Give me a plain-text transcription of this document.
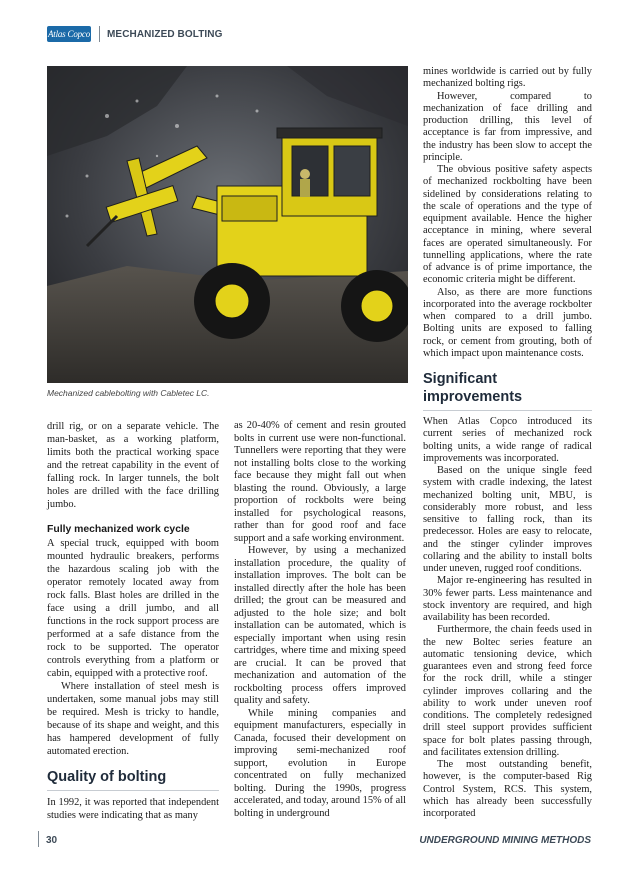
Atlas Copco MECHANIZED BOLTING
Mechanized cablebolting with Cabletec LC.

drill rig, or on a separate vehicle. The man-basket, as a working platform, limits both the practical working space and the retreat capability in the event of falling rock. In larger tunnels, the bolt holes are drilled with the face drilling jumbo.

Fully mechanized work cycle

A special truck, equipped with boom mounted hydraulic breakers, performs the hazardous scaling job with the operator remotely located away from rock falls. Blast holes are drilled in the face using a drill jumbo, and all functions in the rock support process are performed at a safe distance from the rock to be supported. The operator controls everything from a platform or cabin, equipped with a protective roof.

Where installation of steel mesh is undertaken, some manual jobs may still be required. Mesh is tricky to handle, because of its shape and weight, and this has hampered development of fully automated erection.

Quality of bolting

In 1992, it was reported that independent studies were indicating that as many

as 20-40% of cement and resin grouted bolts in current use were non-functional. Tunnellers were reporting that they were not installing bolts close to the working face because they might fall out when blasting the round. Obviously, a large proportion of rockbolts were being installed for psychological reasons, rather than for good roof and face support and a safe working environment.

However, by using a mechanized installation procedure, the quality of installation improves. The bolt can be installed directly after the hole has been drilled; the grout can be measured and adjusted to the hole size; and bolt installation can be automated, which is especially important when using resin cartridges, where time and mixing speed are crucial. It can be proved that mechanization and automation of the rockbolting process offers improved quality and safety.

While mining companies and equipment manufacturers, especially in Canada, focused their development on improving semi-mechanized roof support, evolution in Europe concentrated on fully mechanized bolting. During the 1990s, progress accelerated, and today, around 15% of all bolting in underground

mines worldwide is carried out by fully mechanized bolting rigs.

However, compared to mechanization of face drilling and production drilling, this level of acceptance is far from impressive, and the industry has been slow to accept the principle.

The obvious positive safety aspects of mechanized rockbolting have been sidelined by considerations relating to the scale of operations and the type of equipment available. Hence the higher acceptance in mining, where several faces are operated simultaneously. For tunnelling applications, where the rate of advance is of prime importance, the economic criteria might be different.

Also, as there are more functions incorporated into the average rockbolter when compared to a drill jumbo. Bolting units are exposed to falling rock, or cement from grouting, both of which impact upon maintenance costs.

Significant improvements

When Atlas Copco introduced its current series of mechanized rock bolting units, a wide range of radical improvements was incorporated.

Based on the unique single feed system with cradle indexing, the latest mechanized bolting unit, MBU, is considerably more robust, and less sensitive to falling rock, than its predecessor. Holes are easy to relocate, and the stinger cylinder improves collaring and the ability to install bolts under uneven, rugged roof conditions.

Major re-engineering has resulted in 30% fewer parts. Less maintenance and stock inventory are required, and high availability has been recorded.

Furthermore, the chain feeds used in the new Boltec series feature an automatic tensioning device, which guarantees even and strong feed force for the rock drill, while a stinger cylinder improves collaring and the ability to work under uneven roof conditions. The completely redesigned drill steel support provides sufficient space for bolt plates passing through, and facilitates extension drilling.

The most outstanding benefit, however, is the computer-based Rig Control System, RCS. This system, which has already been successfully incorporated

30	UNDERGROUND MINING METHODS
